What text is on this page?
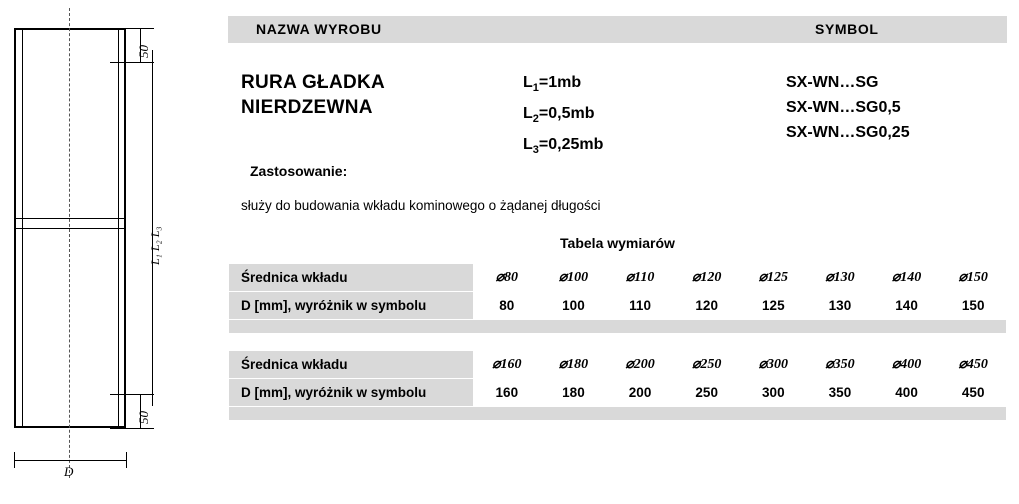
50
50
L₁ L₂ L₃
D
NAZWA WYROBU	SYMBOL
RURA GŁADKA
NIERDZEWNA
$L_1=1mb$
$L_2=0,5mb$
$L_3=0,25mb$
SX-WN…SG
SX-WN…SG0,5
SX-WN…SG0,25
Zastosowanie:
służy do budowania wkładu kominowego o żądanej długości
Tabela wymiarów
Średnica wkładu	⌀80	⌀100	⌀110	⌀120	⌀125	⌀130	⌀140	⌀150
D [mm], wyróżnik w symbolu	80	100	110	120	125	130	140	150

Średnica wkładu	⌀160	⌀180	⌀200	⌀250	⌀300	⌀350	⌀400	⌀450
D [mm], wyróżnik w symbolu	160	180	200	250	300	350	400	450
